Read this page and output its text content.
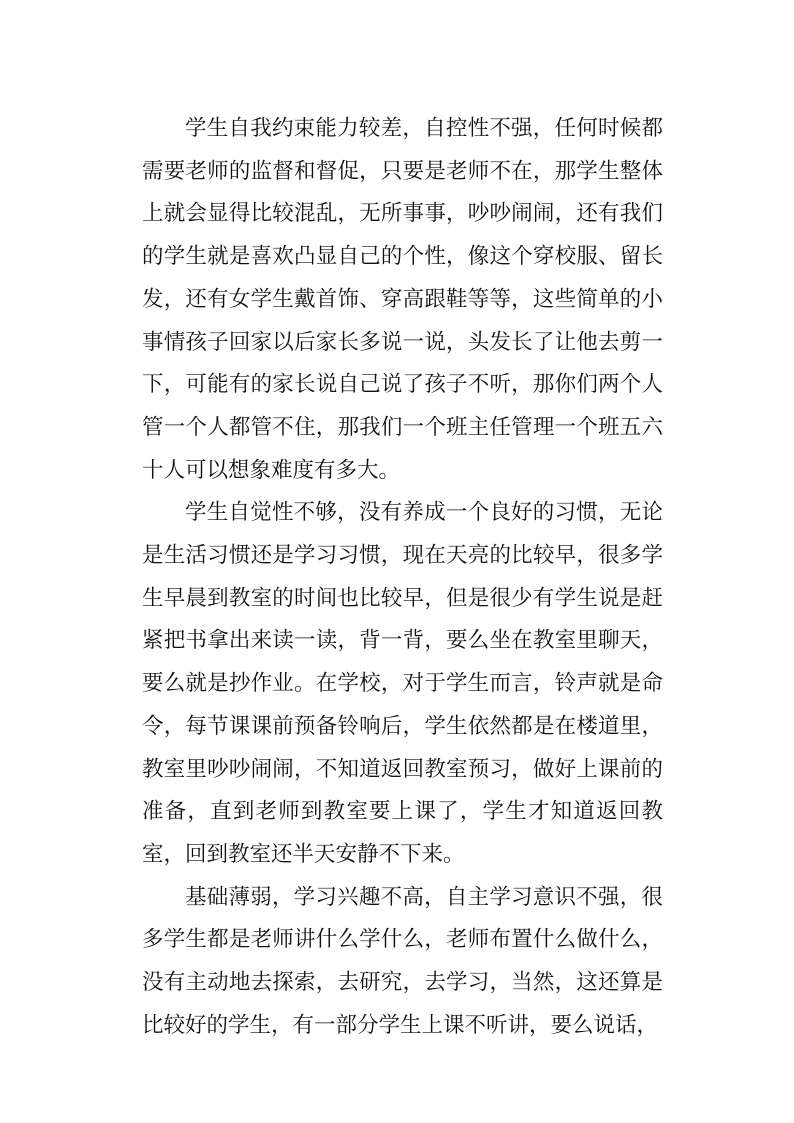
学生自我约束能力较差，自控性不强，任何时候都需要老师的监督和督促，只要是老师不在，那学生整体上就会显得比较混乱，无所事事，吵吵闹闹，还有我们的学生就是喜欢凸显自己的个性，像这个穿校服、留长发，还有女学生戴首饰、穿高跟鞋等等，这些简单的小事情孩子回家以后家长多说一说，头发长了让他去剪一下，可能有的家长说自己说了孩子不听，那你们两个人管一个人都管不住，那我们一个班主任管理一个班五六十人可以想象难度有多大。

学生自觉性不够，没有养成一个良好的习惯，无论是生活习惯还是学习习惯，现在天亮的比较早，很多学生早晨到教室的时间也比较早，但是很少有学生说是赶紧把书拿出来读一读，背一背，要么坐在教室里聊天，要么就是抄作业。在学校，对于学生而言，铃声就是命令，每节课课前预备铃响后，学生依然都是在楼道里，教室里吵吵闹闹，不知道返回教室预习，做好上课前的准备，直到老师到教室要上课了，学生才知道返回教室，回到教室还半天安静不下来。

基础薄弱，学习兴趣不高，自主学习意识不强，很多学生都是老师讲什么学什么，老师布置什么做什么，没有主动地去探索，去研究，去学习，当然，这还算是比较好的学生，有一部分学生上课不听讲，要么说话，
